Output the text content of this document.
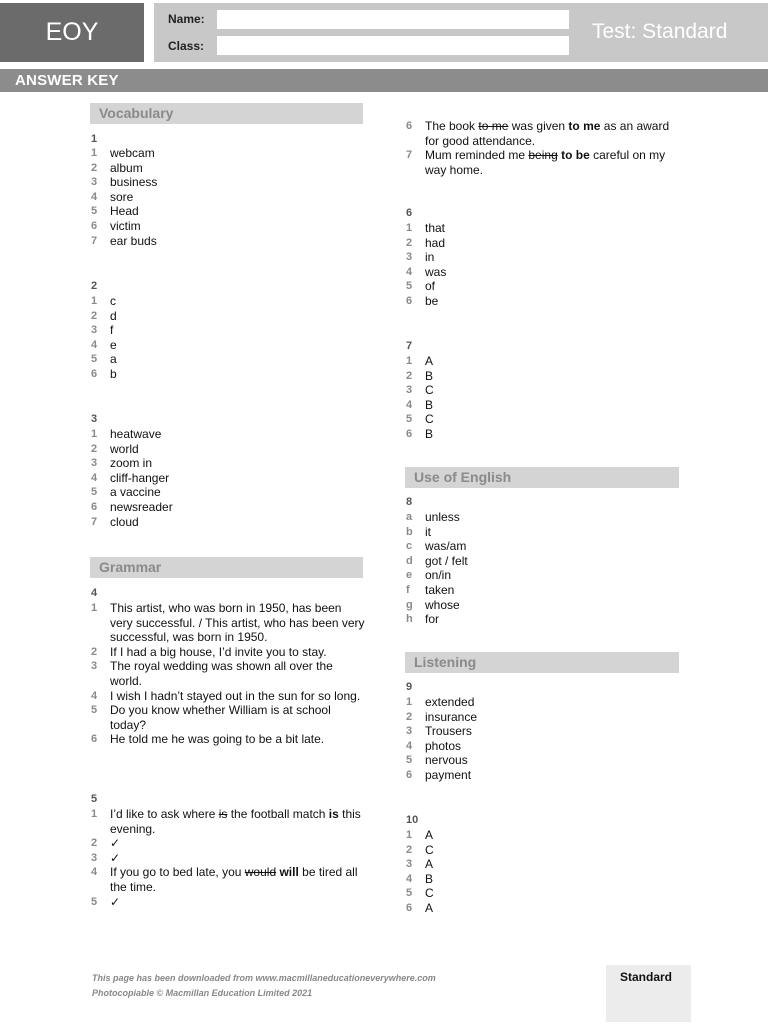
EOY	Name:
Class:
Test: Standard
ANSWER KEY
Vocabulary
1
1 webcam
2 album
3 business
4 sore
5 Head
6 victim
7 ear buds
2
1 c
2 d
3 f
4 e
5 a
6 b
3
1 heatwave
2 world
3 zoom in
4 cliff-hanger
5 a vaccine
6 newsreader
7 cloud
Grammar
4
1 This artist, who was born in 1950, has been very successful. / This artist, who has been very successful, was born in 1950.
2 If I had a big house, I’d invite you to stay.
3 The royal wedding was shown all over the world.
4 I wish I hadn’t stayed out in the sun for so long.
5 Do you know whether William is at school today?
6 He told me he was going to be a bit late.
5
1 I’d like to ask where is the football match is this evening.
2 ✓
3 ✓
4 If you go to bed late, you would will be tired all the time.
5 ✓
6 The book to me was given to me as an award for good attendance.
7 Mum reminded me being to be careful on my way home.
6
1 that
2 had
3 in
4 was
5 of
6 be
7
1 A
2 B
3 C
4 B
5 C
6 B
Use of English
8
a unless
b it
c was/am
d got / felt
e on/in
f taken
g whose
h for
Listening
9
1 extended
2 insurance
3 Trousers
4 photos
5 nervous
6 payment
10
1 A
2 C
3 A
4 B
5 C
6 A
This page has been downloaded from www.macmillaneducationeverywhere.com
Photocopiable © Macmillan Education Limited 2021
Standard
